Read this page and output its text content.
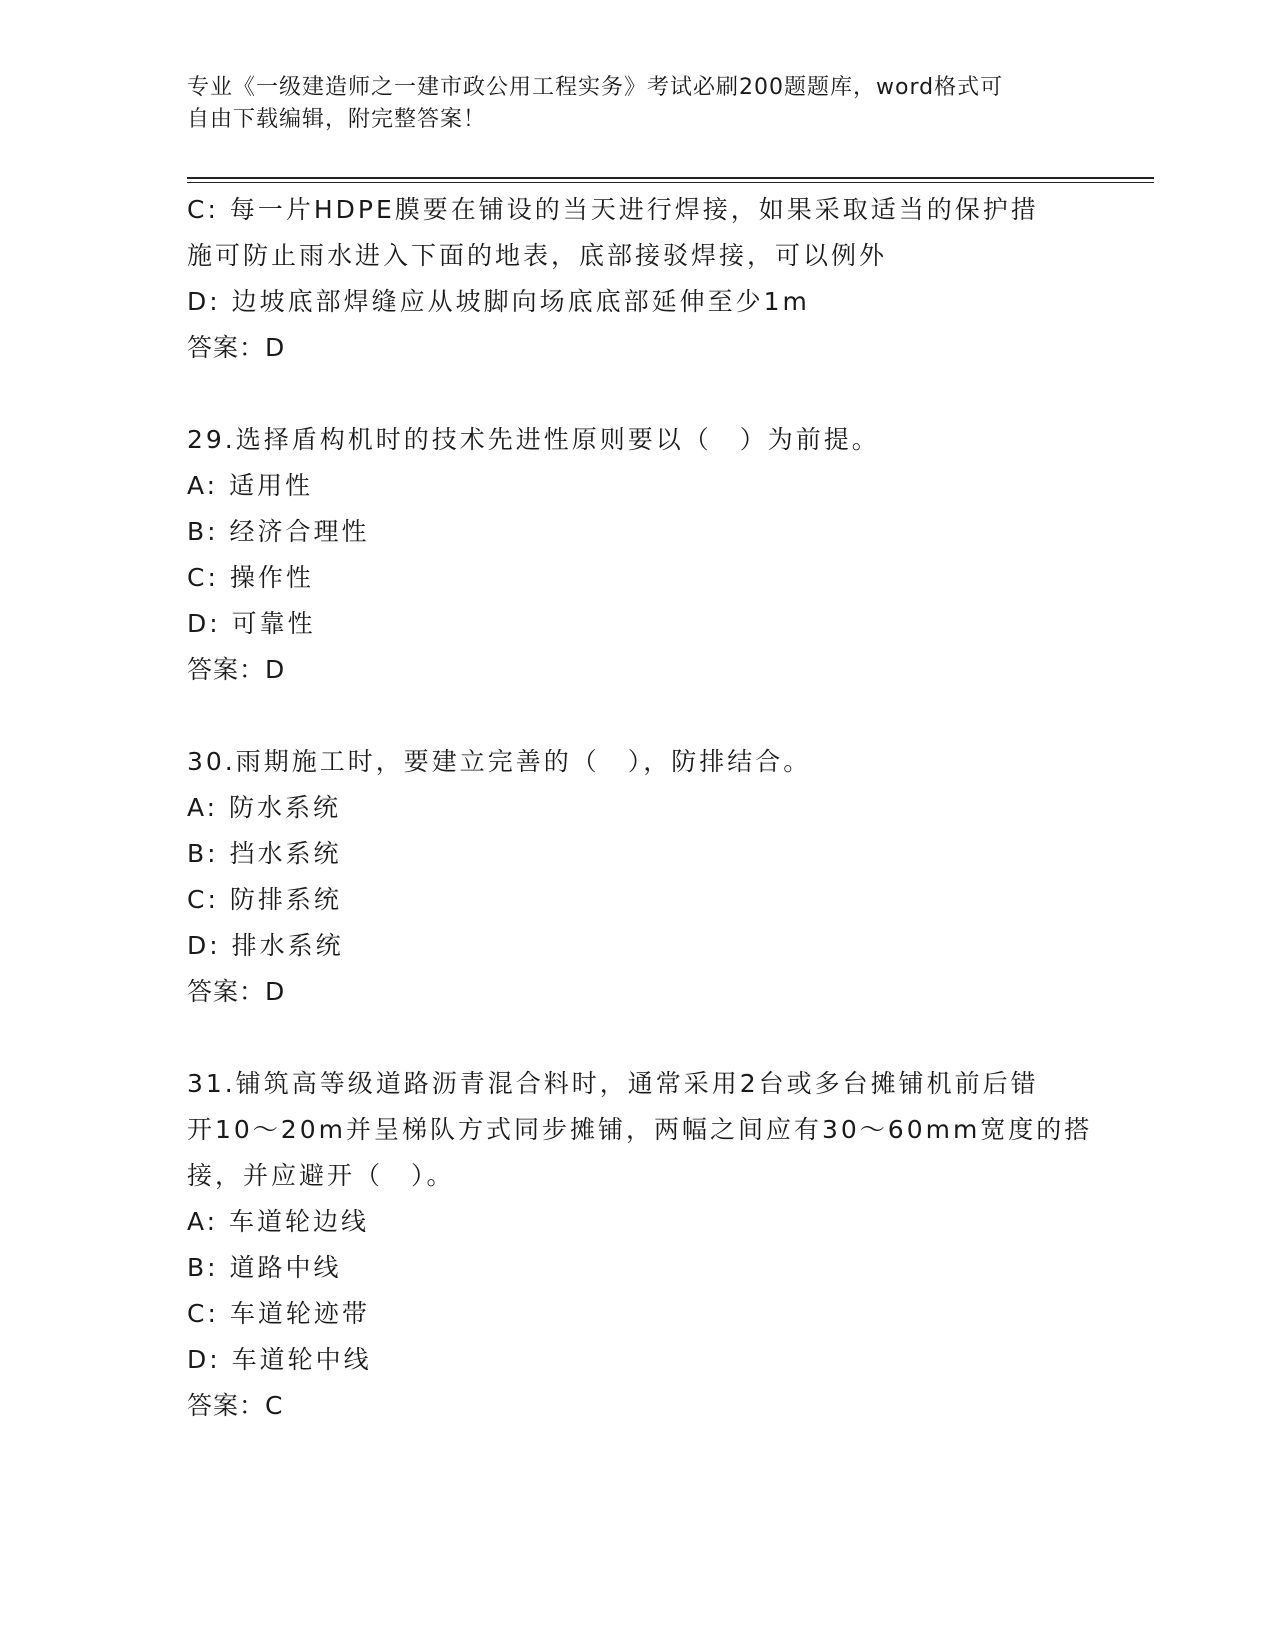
专业《一级建造师之一建市政公用工程实务》考试必刷200题题库，word格式可
自由下载编辑，附完整答案！
C: 每一片HDPE膜要在铺设的当天进行焊接，如果采取适当的保护措
施可防止雨水进入下面的地表，底部接驳焊接，可以例外
D: 边坡底部焊缝应从坡脚向场底底部延伸至少1m
答案：D
29.选择盾构机时的技术先进性原则要以（　）为前提。
A: 适用性
B: 经济合理性
C: 操作性
D: 可靠性
答案：D
30.雨期施工时，要建立完善的（　），防排结合。
A: 防水系统
B: 挡水系统
C: 防排系统
D: 排水系统
答案：D
31.铺筑高等级道路沥青混合料时，通常采用2台或多台摊铺机前后错
开10～20m并呈梯队方式同步摊铺，两幅之间应有30～60mm宽度的搭
接，并应避开（　）。
A: 车道轮边线
B: 道路中线
C: 车道轮迹带
D: 车道轮中线
答案：C
